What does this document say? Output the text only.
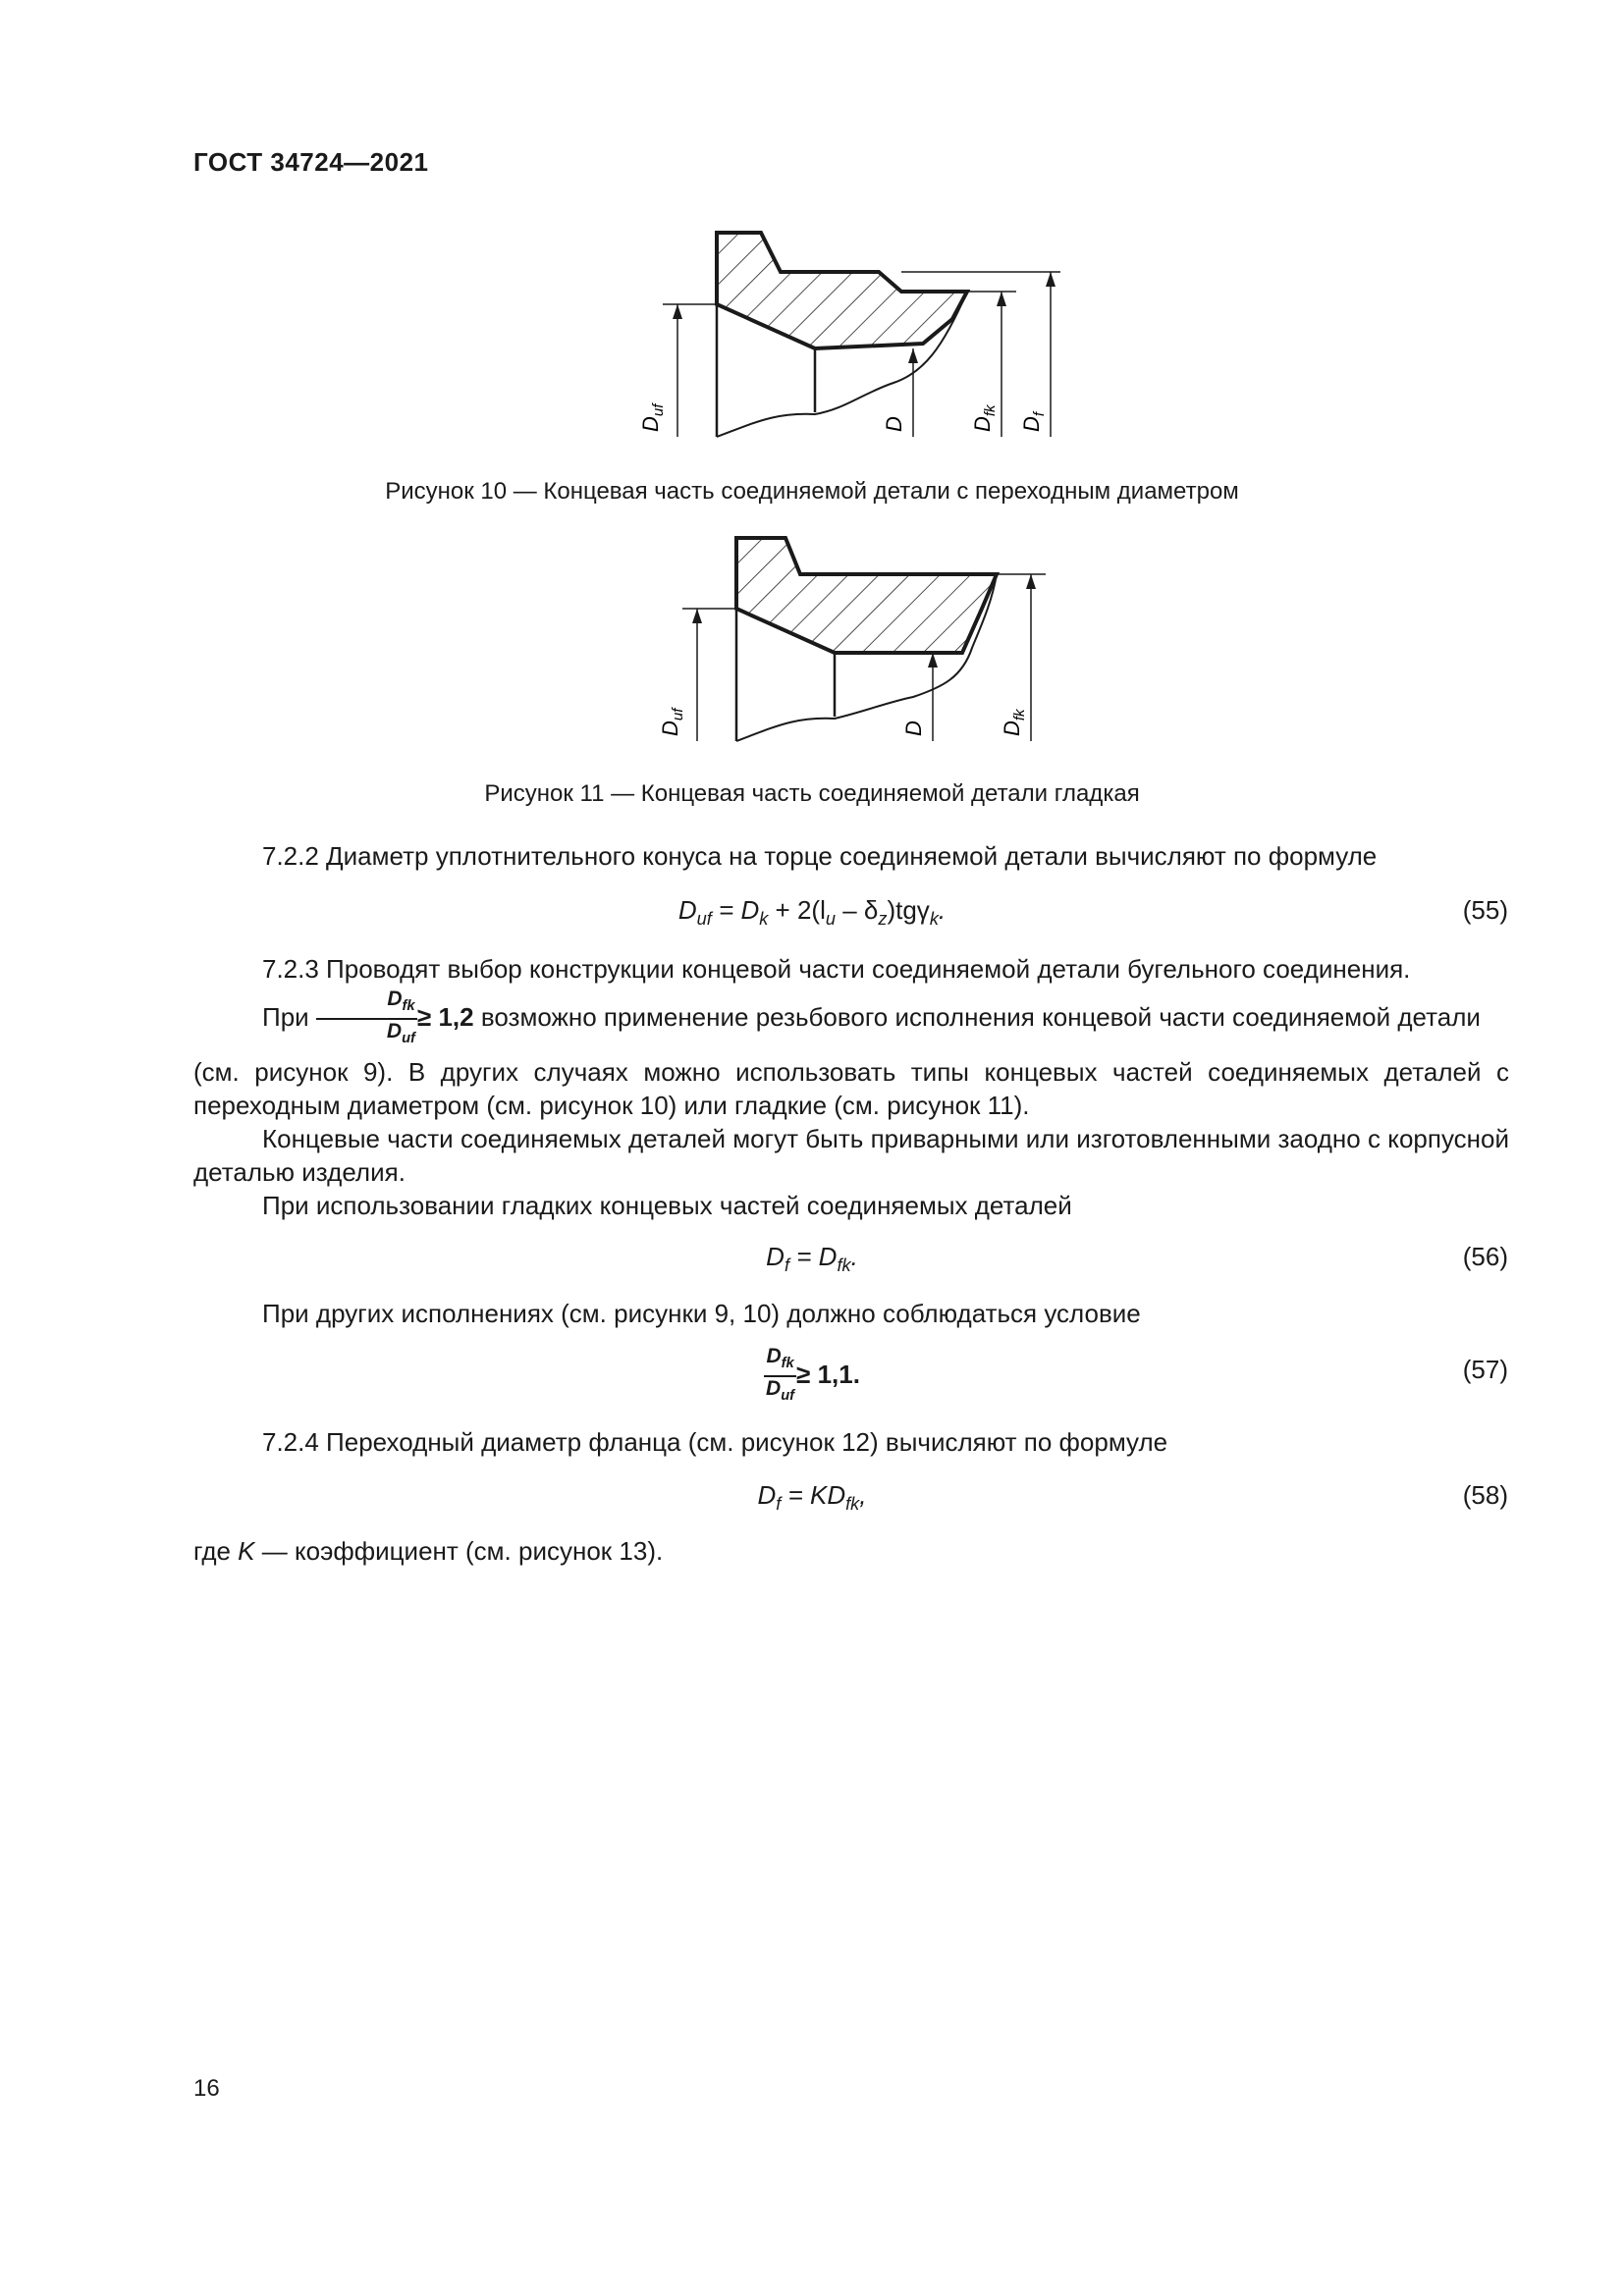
ГОСТ 34724—2021
$D_{uf}$
D	$D_{fk}$
$D_f$
Рисунок 10 — Концевая часть соединяемой детали с переходным диаметром
$D_{uf}$
D	$D_{fk}$
Рисунок 11 — Концевая часть соединяемой детали гладкая
7.2.2 Диаметр уплотнительного конуса на торце соединяемой детали вычисляют по формуле
$D_{uf} = D_k + 2(l_u - \delta_z)tg\gamma_k$.	(55)
7.2.3 Проводят выбор конструкции концевой части соединяемой детали бугельного соединения.
При $\frac{D_{fk}}{D_{uf}} \ge 1,2$ возможно применение резьбового исполнения концевой части соединяемой детали
(см. рисунок 9). В других случаях можно использовать типы концевых частей соединяемых деталей с переходным диаметром (см. рисунок 10) или гладкие (см. рисунок 11).
Концевые части соединяемых деталей могут быть приварными или изготовленными заодно с корпусной деталью изделия.
При использовании гладких концевых частей соединяемых деталей
$D_f = D_{fk}$.	(56)
При других исполнениях (см. рисунки 9, 10) должно соблюдаться условие
$\frac{D_{fk}}{D_{uf}} \ge 1,1$.	(57)
7.2.4 Переходный диаметр фланца (см. рисунок 12) вычисляют по формуле
$D_f = KD_{fk}$,	(58)
где K — коэффициент (см. рисунок 13).
16
